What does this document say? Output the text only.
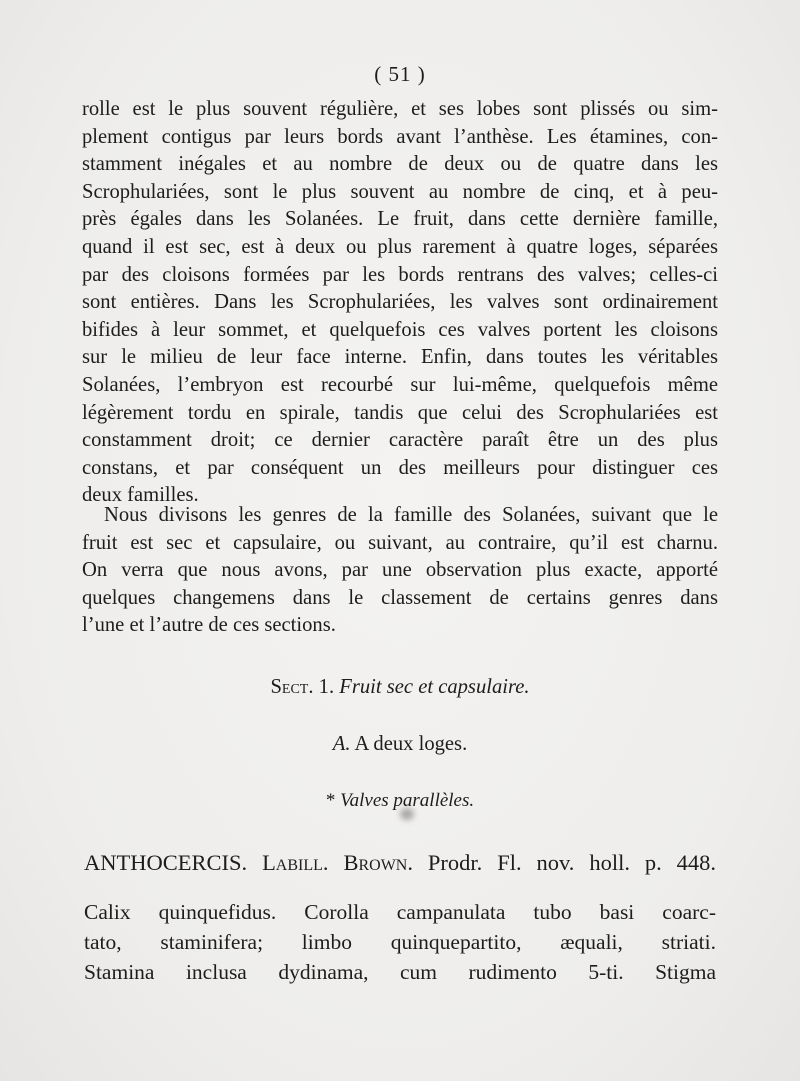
( 51 )
rolle est le plus souvent régulière, et ses lobes sont plissés ou sim-
plement contigus par leurs bords avant l’anthèse. Les étamines, con-
stamment inégales et au nombre de deux ou de quatre dans les
Scrophulariées, sont le plus souvent au nombre de cinq, et à peu-
près égales dans les Solanées. Le fruit, dans cette dernière famille,
quand il est sec, est à deux ou plus rarement à quatre loges, séparées
par des cloisons formées par les bords rentrans des valves; celles-ci
sont entières. Dans les Scrophulariées, les valves sont ordinairement
bifides à leur sommet, et quelquefois ces valves portent les cloisons
sur le milieu de leur face interne. Enfin, dans toutes les véritables
Solanées, l’embryon est recourbé sur lui-même, quelquefois même
légèrement tordu en spirale, tandis que celui des Scrophulariées est
constamment droit; ce dernier caractère paraît être un des plus
constans, et par conséquent un des meilleurs pour distinguer ces
deux familles.
Nous divisons les genres de la famille des Solanées, suivant que le
fruit est sec et capsulaire, ou suivant, au contraire, qu’il est charnu.
On verra que nous avons, par une observation plus exacte, apporté
quelques changemens dans le classement de certains genres dans
l’une et l’autre de ces sections.
Sect. 1. Fruit sec et capsulaire.
A. A deux loges.
* Valves parallèles.
ANTHOCERCIS. Labill. Brown. Prodr. Fl. nov. holl. p. 448.
Calix quinquefidus. Corolla campanulata tubo basi coarc-
tato, staminifera; limbo quinquepartito, æquali, striati.
Stamina inclusa dydinama, cum rudimento 5-ti. Stigma
